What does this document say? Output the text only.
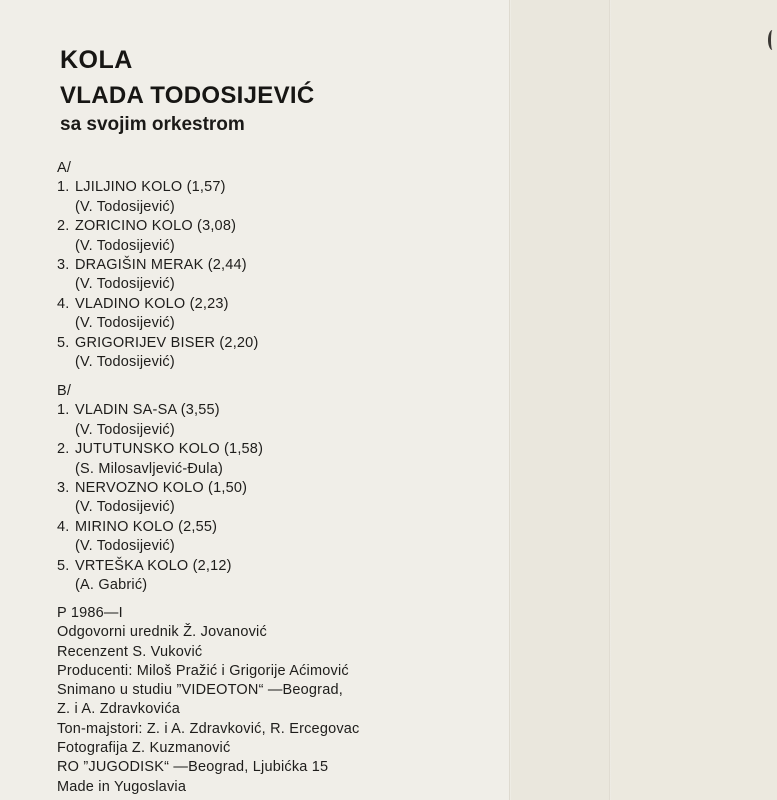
KOLA
VLADA TODOSIJEVIĆ
sa svojim orkestrom
A/
1. LJILJINO KOLO (1,57)
(V. Todosijević)
2. ZORICINO KOLO (3,08)
(V. Todosijević)
3. DRAGIŠIN MERAK (2,44)
(V. Todosijević)
4. VLADINO KOLO (2,23)
(V. Todosijević)
5. GRIGORIJEV BISER (2,20)
(V. Todosijević)
B/
1. VLADIN SA-SA (3,55)
(V. Todosijević)
2. JUTUTUNSKO KOLO (1,58)
(S. Milosavljević-Đula)
3. NERVOZNO KOLO (1,50)
(V. Todosijević)
4. MIRINO KOLO (2,55)
(V. Todosijević)
5. VRTEŠKA KOLO (2,12)
(A. Gabrić)
P 1986—I
Odgovorni urednik Ž. Jovanović
Recenzent S. Vuković
Producenti: Miloš Pražić i Grigorije Aćimović
Snimano u studiu ”VIDEOTON“ —Beograd,
Z. i A. Zdravkovića
Ton-majstori: Z. i A. Zdravković, R. Ercegovac
Fotografija Z. Kuzmanović
RO ”JUGODISK“ —Beograd, Ljubićka 15
Made in Yugoslavia
